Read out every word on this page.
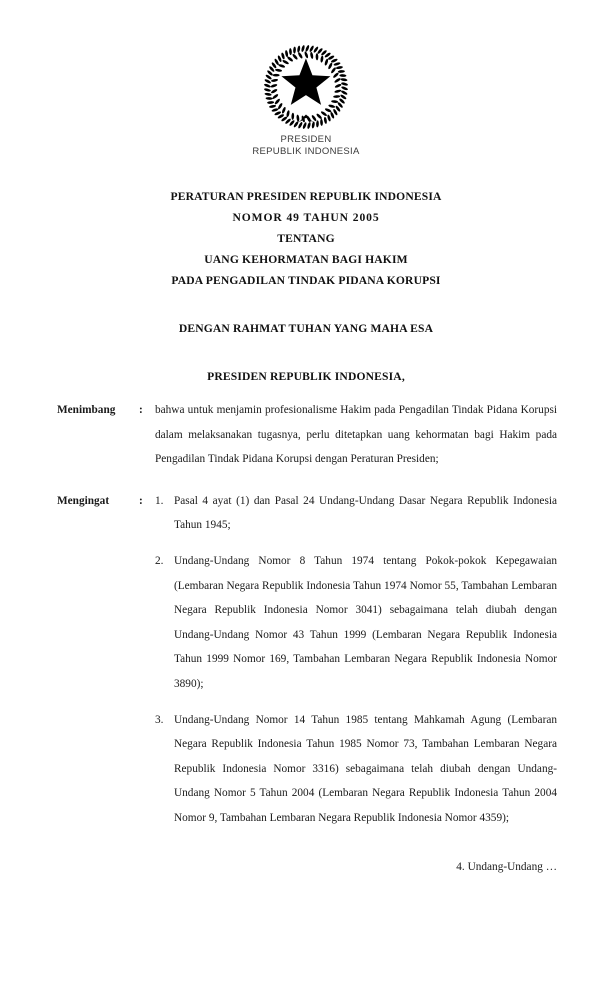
PRESIDEN
REPUBLIK INDONESIA
PERATURAN PRESIDEN REPUBLIK INDONESIA
NOMOR 49 TAHUN 2005
TENTANG
UANG KEHORMATAN BAGI HAKIM
PADA PENGADILAN TINDAK PIDANA KORUPSI
DENGAN RAHMAT TUHAN YANG MAHA ESA
PRESIDEN REPUBLIK INDONESIA,
Menimbang	:	bahwa untuk menjamin profesionalisme Hakim pada Pengadilan Tindak Pidana Korupsi dalam melaksanakan tugasnya, perlu ditetapkan uang kehormatan bagi Hakim pada Pengadilan Tindak Pidana Korupsi dengan Peraturan Presiden;
Mengingat	:	1. Pasal 4 ayat (1) dan Pasal 24 Undang-Undang Dasar Negara Republik Indonesia Tahun 1945;
2. Undang-Undang Nomor 8 Tahun 1974 tentang Pokok-pokok Kepegawaian (Lembaran Negara Republik Indonesia Tahun 1974 Nomor 55, Tambahan Lembaran Negara Republik Indonesia Nomor 3041) sebagaimana telah diubah dengan Undang-Undang Nomor 43 Tahun 1999 (Lembaran Negara Republik Indonesia Tahun 1999 Nomor 169, Tambahan Lembaran Negara Republik Indonesia Nomor 3890);
3. Undang-Undang Nomor 14 Tahun 1985 tentang Mahkamah Agung (Lembaran Negara Republik Indonesia Tahun 1985 Nomor 73, Tambahan Lembaran Negara Republik Indonesia Nomor 3316) sebagaimana telah diubah dengan Undang-Undang Nomor 5 Tahun 2004 (Lembaran Negara Republik Indonesia Tahun 2004 Nomor 9, Tambahan Lembaran Negara Republik Indonesia Nomor 4359);
4. Undang-Undang …
